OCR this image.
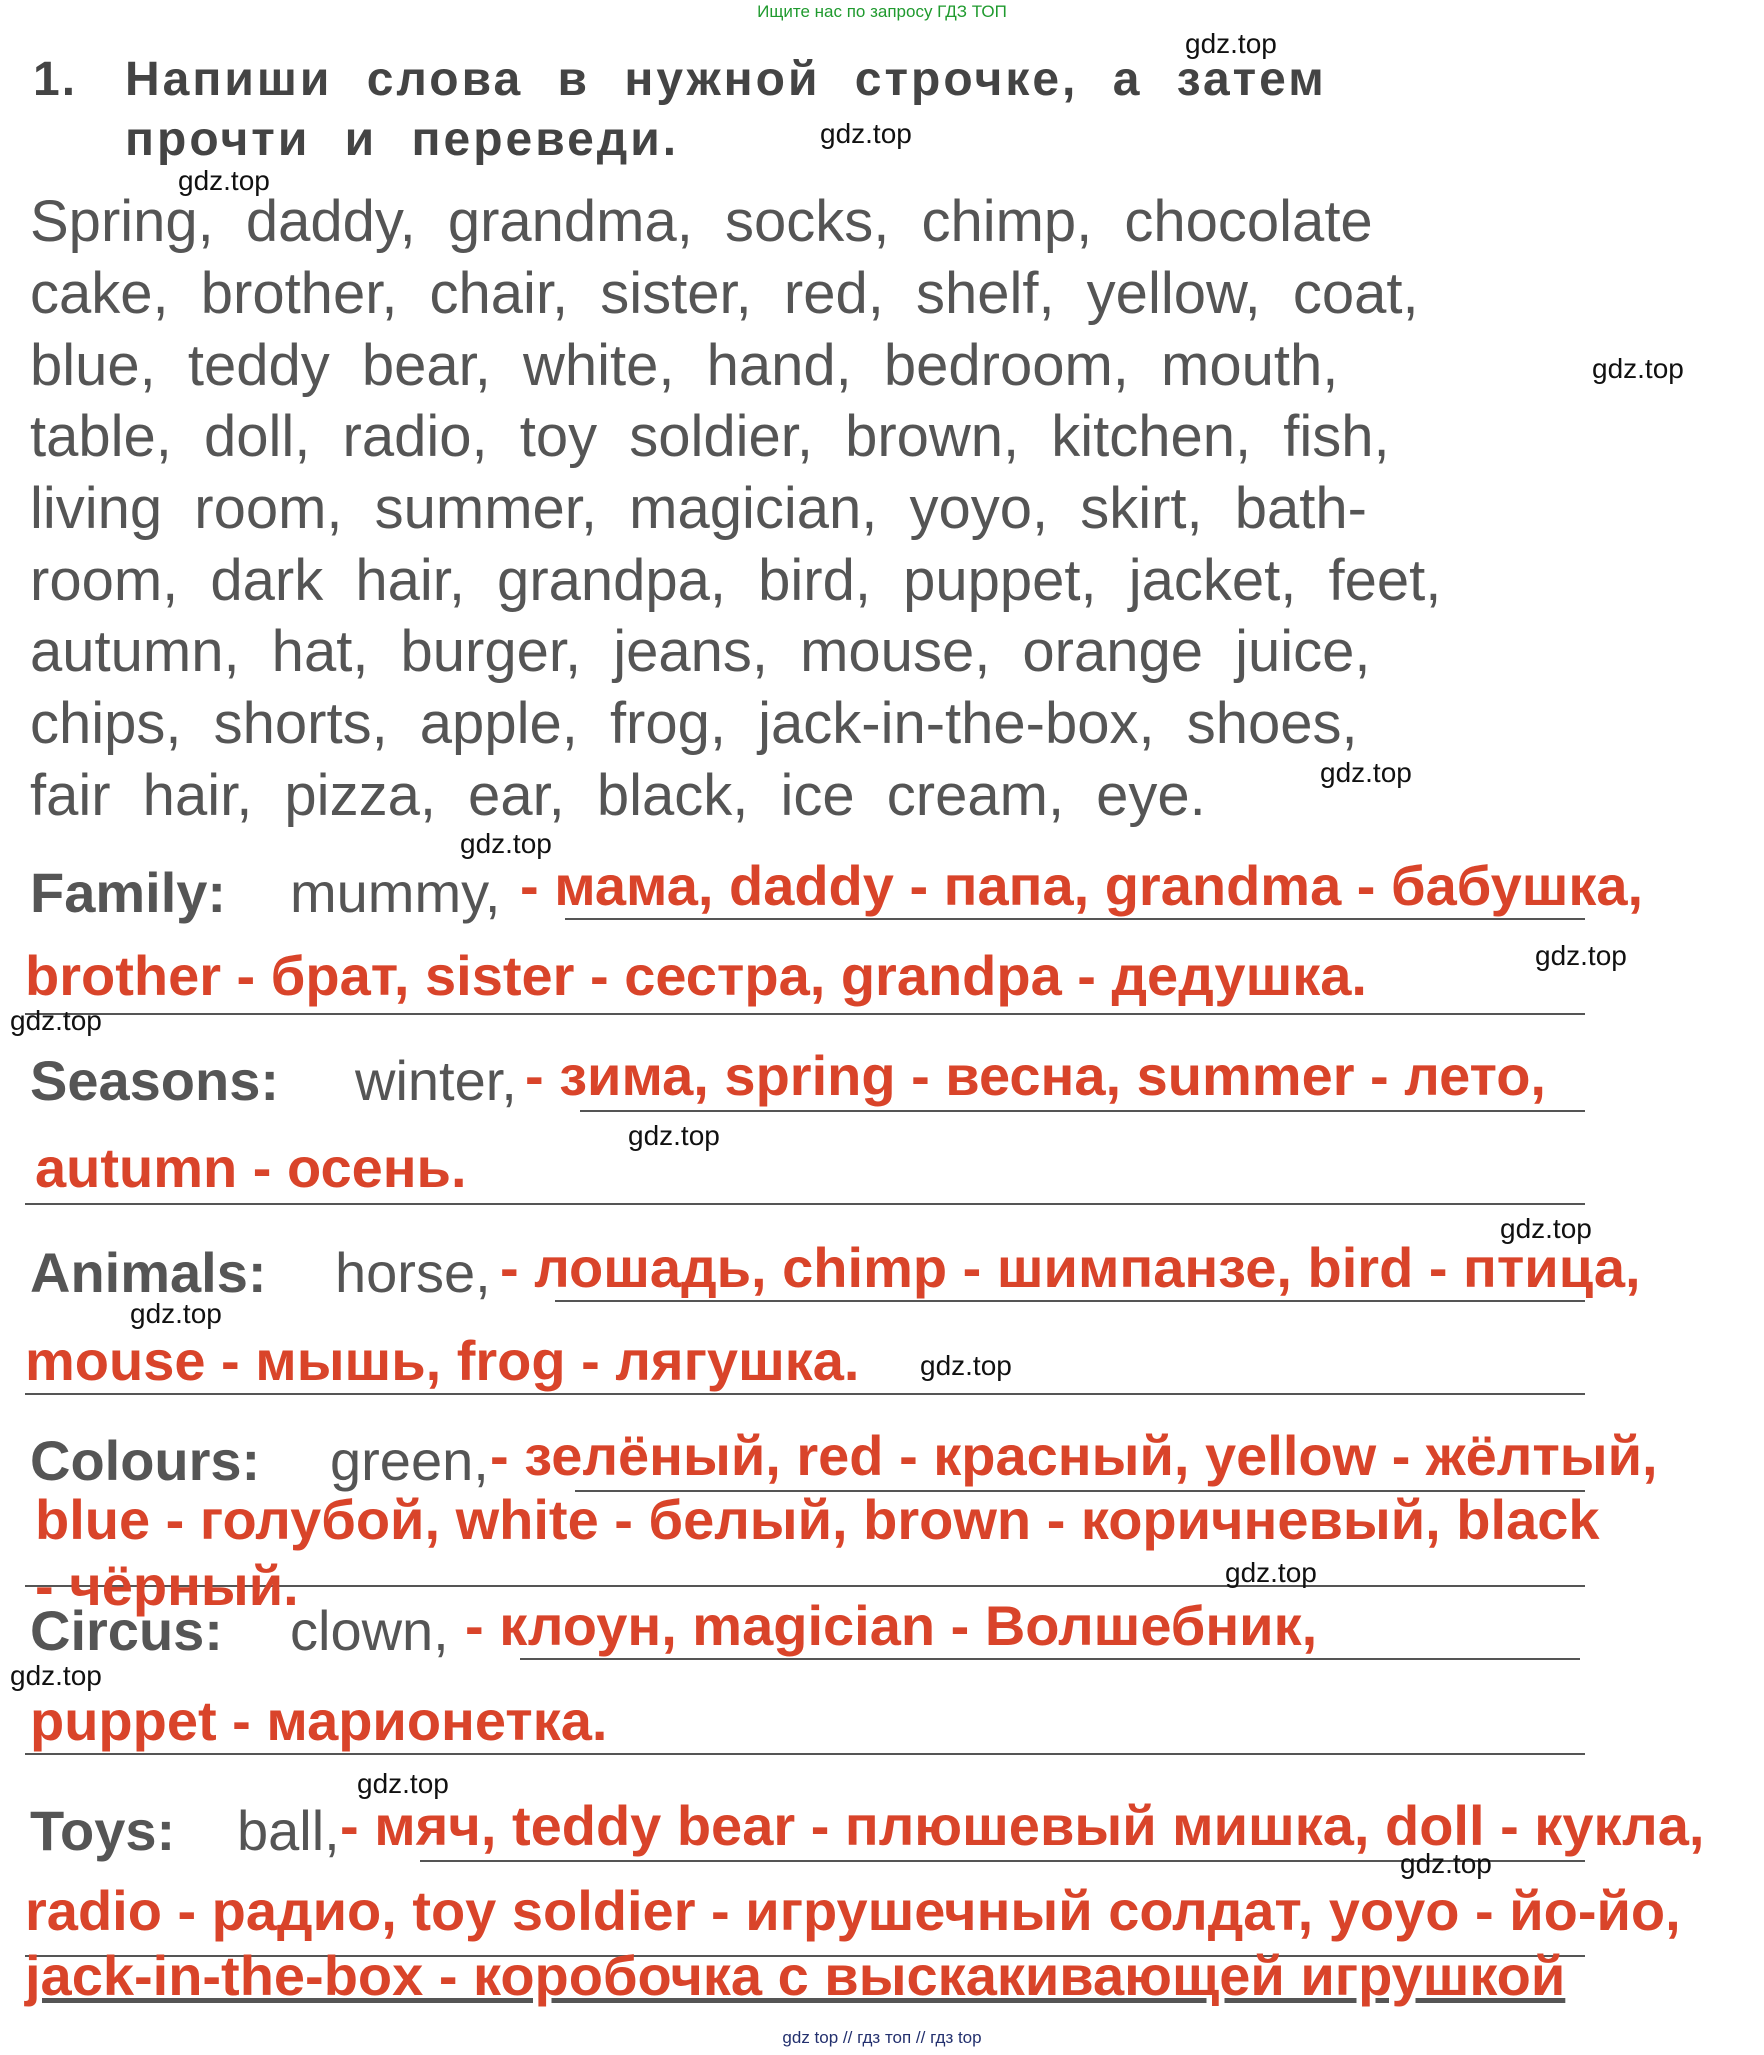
Ищите нас по запросу ГДЗ ТОП
1. Напиши слова в нужной строчке, а затем
прочти и переведи.
Spring, daddy, grandma, socks, chimp, chocolate
cake, brother, chair, sister, red, shelf, yellow, coat,
blue, teddy bear, white, hand, bedroom, mouth,
table, doll, radio, toy soldier, brown, kitchen, fish,
living room, summer, magician, yoyo, skirt, bath-
room, dark hair, grandpa, bird, puppet, jacket, feet,
autumn, hat, burger, jeans, mouse, orange juice,
chips, shorts, apple, frog, jack-in-the-box, shoes,
fair hair, pizza, ear, black, ice cream, eye.
Family: mummy, - мама, daddy - папа, grandma - бабушка,
brother - брат, sister - сестра, grandpa - дедушка.
Seasons: winter, - зима, spring - весна, summer - лето,
autumn - осень.
Animals: horse, - лошадь, chimp - шимпанзе, bird - птица,
mouse - мышь, frog - лягушка.
Colours: green, - зелёный, red - красный, yellow - жёлтый,
blue - голубой, white - белый, brown - коричневый, black
- чёрный.
Circus: clown, - клоун, magician - Волшебник,
puppet - марионетка.
Toys: ball, - мяч, teddy bear - плюшевый мишка, doll - кукла,
radio - радио, toy soldier - игрушечный солдат, yoyo - йо-йо,
jack-in-the-box - коробочка с выскакивающей игрушкой
gdz.top
gdz.top
gdz.top
gdz.top
gdz.top
gdz.top
gdz.top
gdz.top
gdz.top
gdz.top
gdz.top
gdz.top
gdz.top
gdz.top
gdz.top
gdz.top
gdz top // гдз топ // гдз top
